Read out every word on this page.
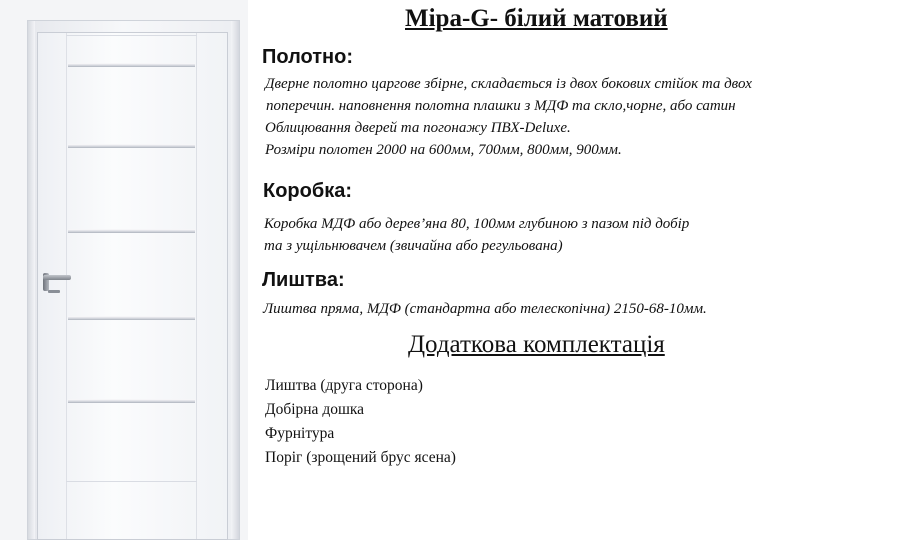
Міра-G- білий матовий
Полотно:
Дверне полотно царгове збірне, складається із двох бокових стійок та двох
поперечин. наповнення полотна плашки з МДФ та скло,чорне, або сатин
Облицювання дверей та погонажу ПВХ-Deluxe.
Розміри полотен 2000 на 600мм, 700мм, 800мм, 900мм.
Коробка:
Коробка МДФ або дерев’яна 80, 100мм глубиною з пазом під добір
та з ущільнювачем (звичайна або регульована)
Лиштва:
Лиштва пряма, МДФ (стандартна або телескопічна) 2150-68-10мм.
Додаткова комплектація
Лиштва (друга сторона)
Добірна дошка
Фурнітура
Поріг (зрощений брус ясена)
